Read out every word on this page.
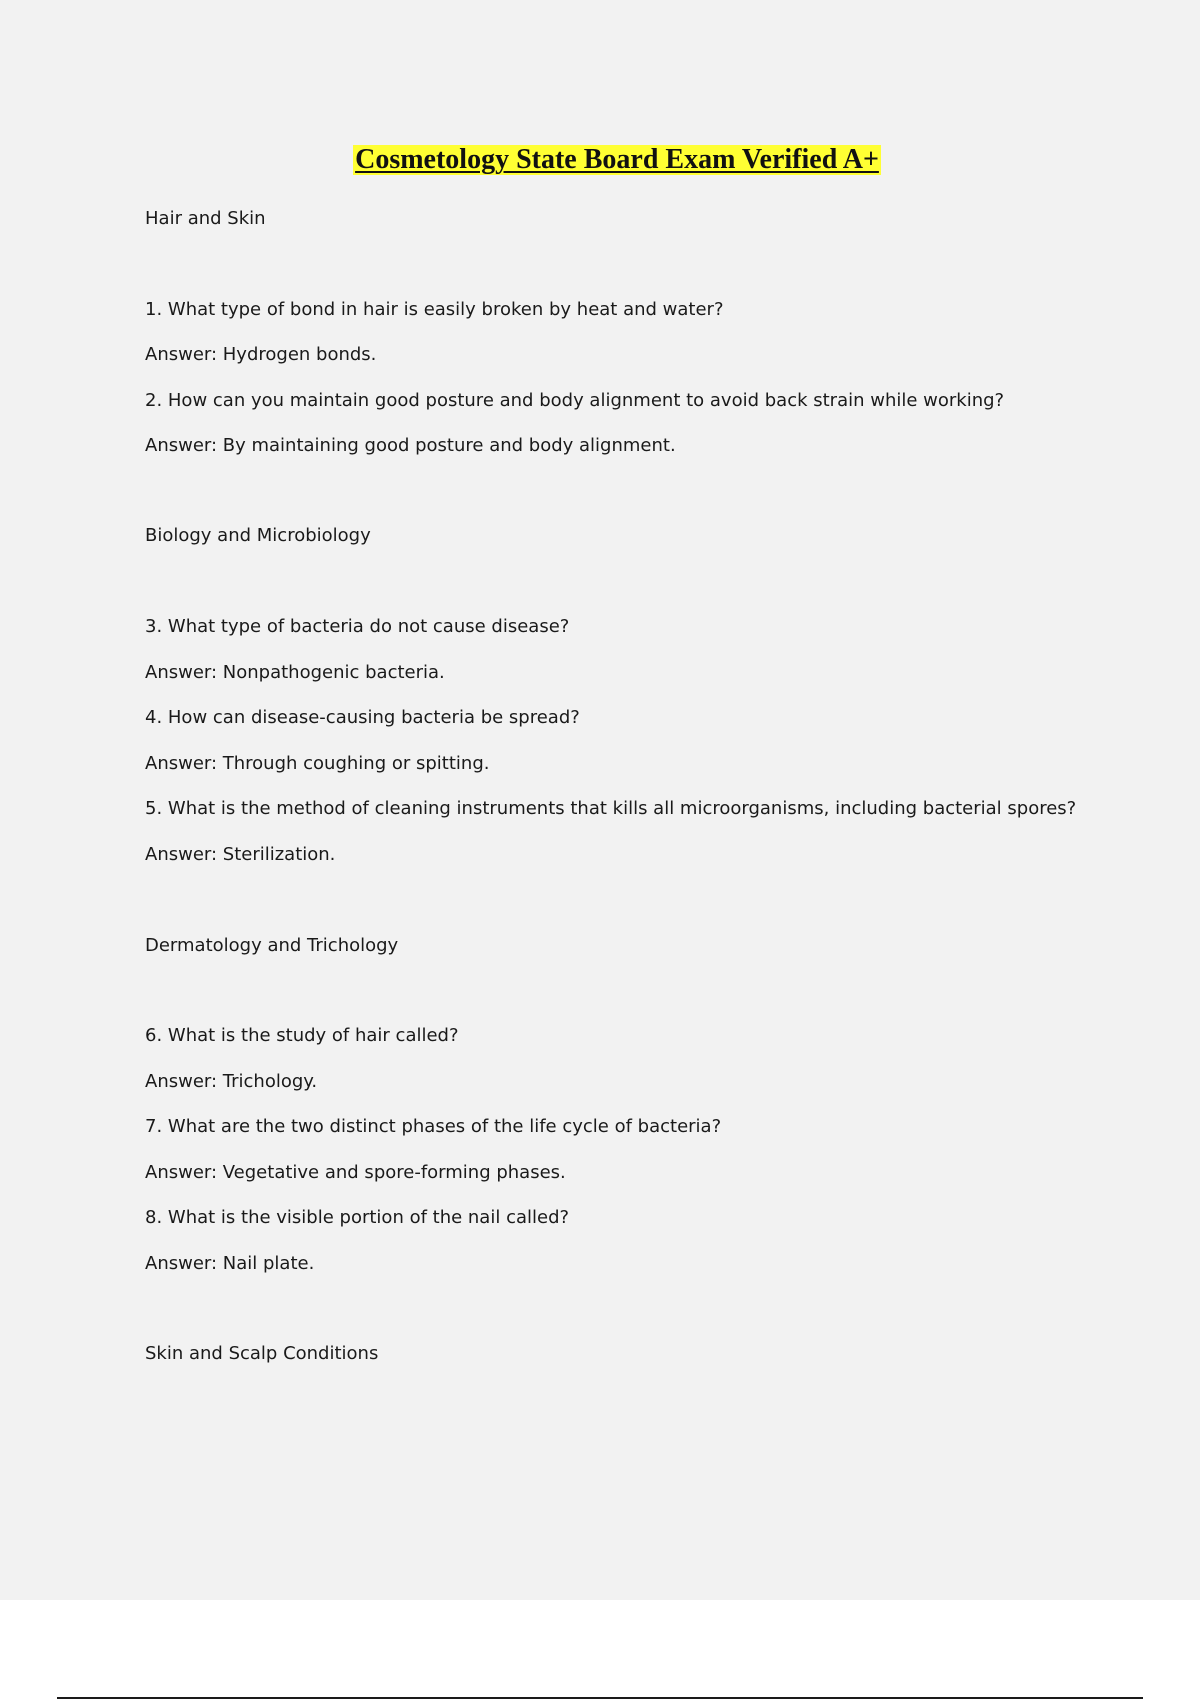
Cosmetology State Board Exam Verified A+
Hair and Skin
1. What type of bond in hair is easily broken by heat and water?
Answer: Hydrogen bonds.
2. How can you maintain good posture and body alignment to avoid back strain while working?
Answer: By maintaining good posture and body alignment.
Biology and Microbiology
3. What type of bacteria do not cause disease?
Answer: Nonpathogenic bacteria.
4. How can disease-causing bacteria be spread?
Answer: Through coughing or spitting.
5. What is the method of cleaning instruments that kills all microorganisms, including bacterial spores?
Answer: Sterilization.
Dermatology and Trichology
6. What is the study of hair called?
Answer: Trichology.
7. What are the two distinct phases of the life cycle of bacteria?
Answer: Vegetative and spore-forming phases.
8. What is the visible portion of the nail called?
Answer: Nail plate.
Skin and Scalp Conditions
